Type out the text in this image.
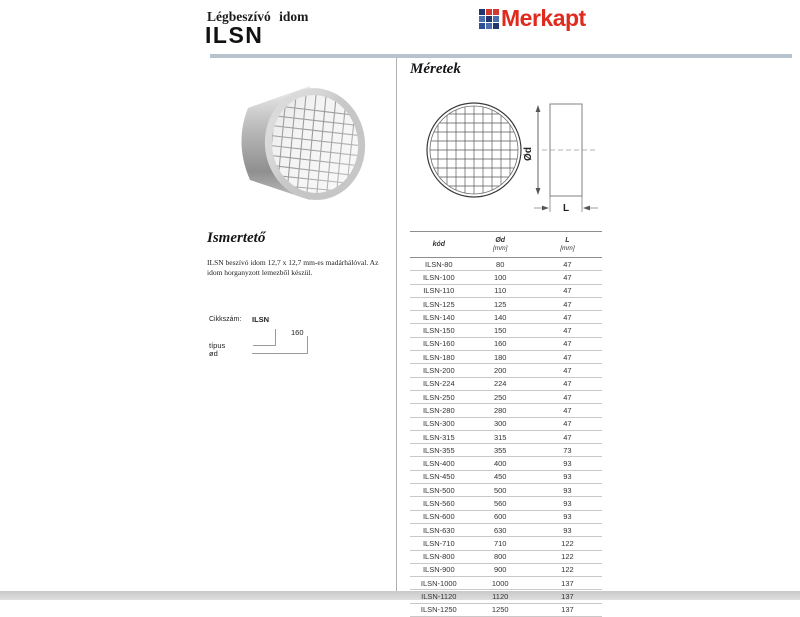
Légbeszívó idom
ILSN
Merkapt
Ismertető
ILSN beszívó idom 12,7 x 12,7 mm-es madárhálóval. Az idom horganyzott lemezből készül.
Cikkszám: ILSN
160
típus
ød
Méretek
Ød
L
kód
Ød
[mm]
L
[mm]
ILSN-80	80	47
ILSN-100	100	47
ILSN-110	110	47
ILSN-125	125	47
ILSN-140	140	47
ILSN-150	150	47
ILSN-160	160	47
ILSN-180	180	47
ILSN-200	200	47
ILSN-224	224	47
ILSN-250	250	47
ILSN-280	280	47
ILSN-300	300	47
ILSN-315	315	47
ILSN-355	355	73
ILSN-400	400	93
ILSN-450	450	93
ILSN-500	500	93
ILSN-560	560	93
ILSN-600	600	93
ILSN-630	630	93
ILSN-710	710	122
ILSN-800	800	122
ILSN-900	900	122
ILSN-1000	1000	137
ILSN-1120	1120	137
ILSN-1250	1250	137
